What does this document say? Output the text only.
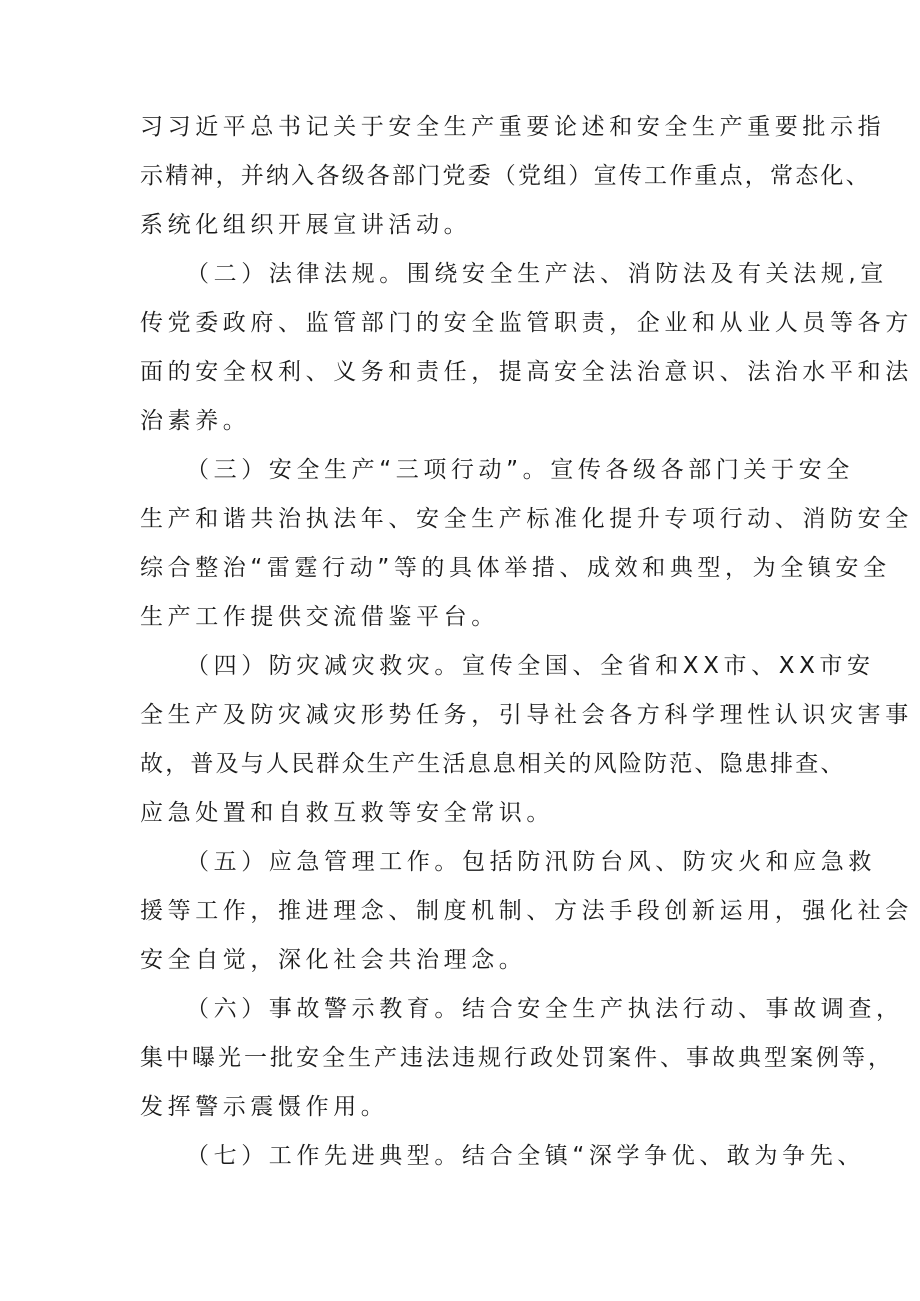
习习近平总书记关于安全生产重要论述和安全生产重要批示指
示精神，并纳入各级各部门党委（党组）宣传工作重点，常态化、
系统化组织开展宣讲活动。
（二）法律法规。围绕安全生产法、消防法及有关法规,宣
传党委政府、监管部门的安全监管职责，企业和从业人员等各方
面的安全权利、义务和责任，提高安全法治意识、法治水平和法
治素养。
（三）安全生产“三项行动”。宣传各级各部门关于安全
生产和谐共治执法年、安全生产标准化提升专项行动、消防安全
综合整治“雷霆行动”等的具体举措、成效和典型，为全镇安全
生产工作提供交流借鉴平台。
（四）防灾减灾救灾。宣传全国、全省和XX市、XX市安
全生产及防灾减灾形势任务，引导社会各方科学理性认识灾害事
故，普及与人民群众生产生活息息相关的风险防范、隐患排查、
应急处置和自救互救等安全常识。
（五）应急管理工作。包括防汛防台风、防灾火和应急救
援等工作，推进理念、制度机制、方法手段创新运用，强化社会
安全自觉，深化社会共治理念。
（六）事故警示教育。结合安全生产执法行动、事故调查，
集中曝光一批安全生产违法违规行政处罚案件、事故典型案例等，
发挥警示震慑作用。
（七）工作先进典型。结合全镇“深学争优、敢为争先、
